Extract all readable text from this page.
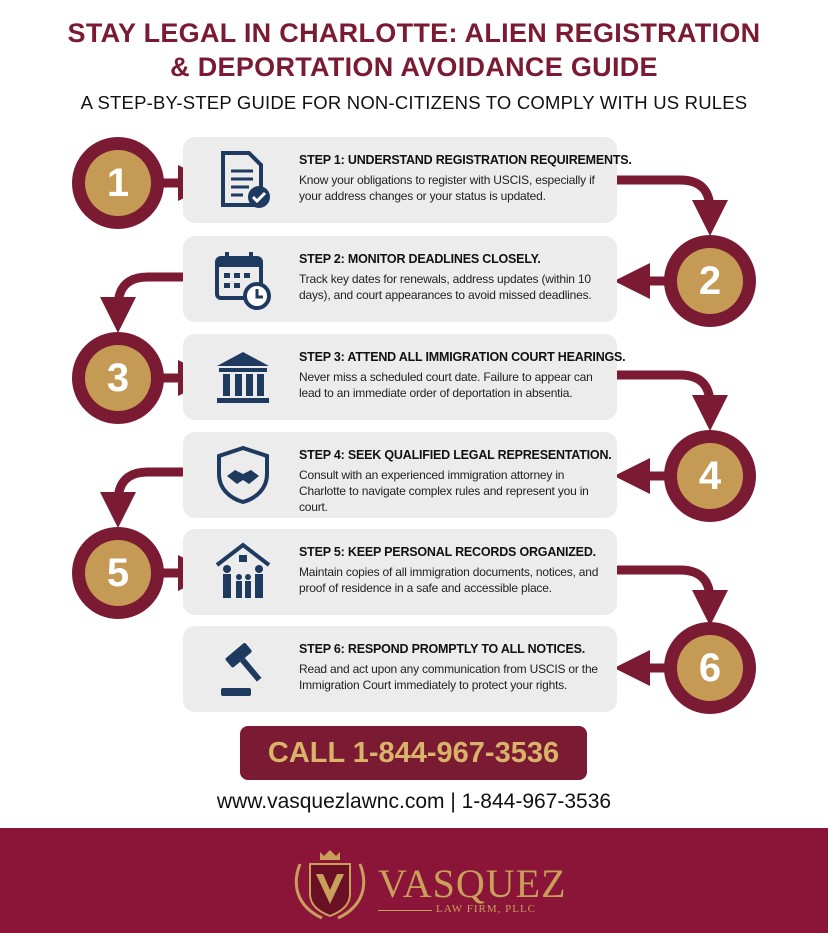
STAY LEGAL IN CHARLOTTE: ALIEN REGISTRATION
& DEPORTATION AVOIDANCE GUIDE
A STEP-BY-STEP GUIDE FOR NON-CITIZENS TO COMPLY WITH US RULES
STEP 1: UNDERSTAND REGISTRATION REQUIREMENTS.

Know your obligations to register with USCIS, especially if your address changes or your status is updated.

1
STEP 2: MONITOR DEADLINES CLOSELY.

Track key dates for renewals, address updates (within 10 days), and court appearances to avoid missed deadlines.	2
STEP 3: ATTEND ALL IMMIGRATION COURT HEARINGS.

Never miss a scheduled court date. Failure to appear can lead to an immediate order of deportation in absentia.

3
STEP 4: SEEK QUALIFIED LEGAL REPRESENTATION.

Consult with an experienced immigration attorney in Charlotte to navigate complex rules and represent you in court.

4
STEP 5: KEEP PERSONAL RECORDS ORGANIZED.

Maintain copies of all immigration documents, notices, and proof of residence in a safe and accessible place.

5
STEP 6: RESPOND PROMPTLY TO ALL NOTICES.

Read and act upon any communication from USCIS or the Immigration Court immediately to protect your rights.	6
CALL 1-844-967-3536
www.vasquezlawnc.com | 1-844-967-3536
VASQUEZ
LAW FIRM, PLLC
